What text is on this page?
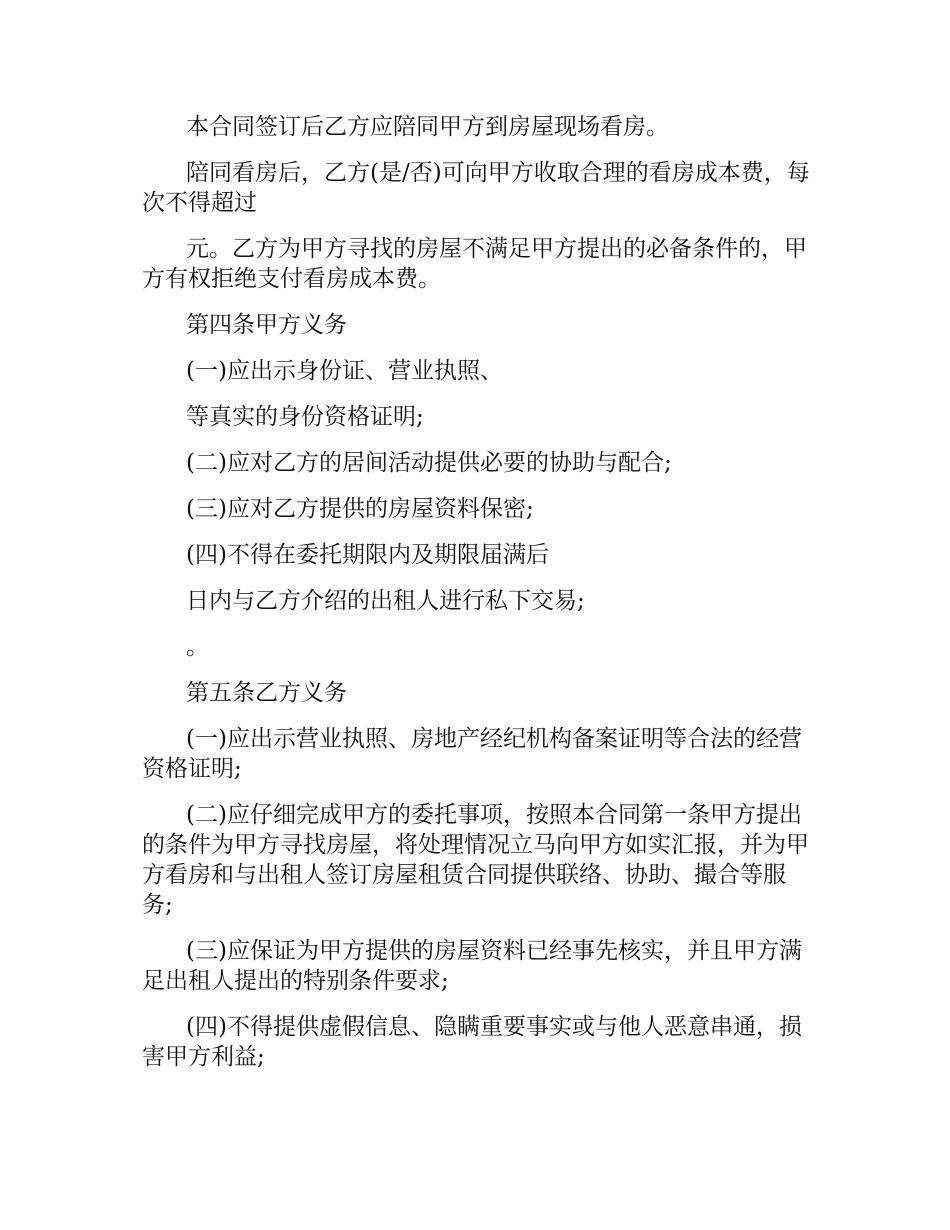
本合同签订后乙方应陪同甲方到房屋现场看房。

陪同看房后，乙方(是/否)可向甲方收取合理的看房成本费，每次不得超过

元。乙方为甲方寻找的房屋不满足甲方提出的必备条件的，甲方有权拒绝支付看房成本费。

第四条甲方义务

(一)应出示身份证、营业执照、

等真实的身份资格证明;

(二)应对乙方的居间活动提供必要的协助与配合;

(三)应对乙方提供的房屋资料保密;

(四)不得在委托期限内及期限届满后

日内与乙方介绍的出租人进行私下交易;

。

第五条乙方义务

(一)应出示营业执照、房地产经纪机构备案证明等合法的经营资格证明;

(二)应仔细完成甲方的委托事项，按照本合同第一条甲方提出的条件为甲方寻找房屋，将处理情况立马向甲方如实汇报，并为甲方看房和与出租人签订房屋租赁合同提供联络、协助、撮合等服务;

(三)应保证为甲方提供的房屋资料已经事先核实，并且甲方满足出租人提出的特别条件要求;

(四)不得提供虚假信息、隐瞒重要事实或与他人恶意串通，损害甲方利益;
